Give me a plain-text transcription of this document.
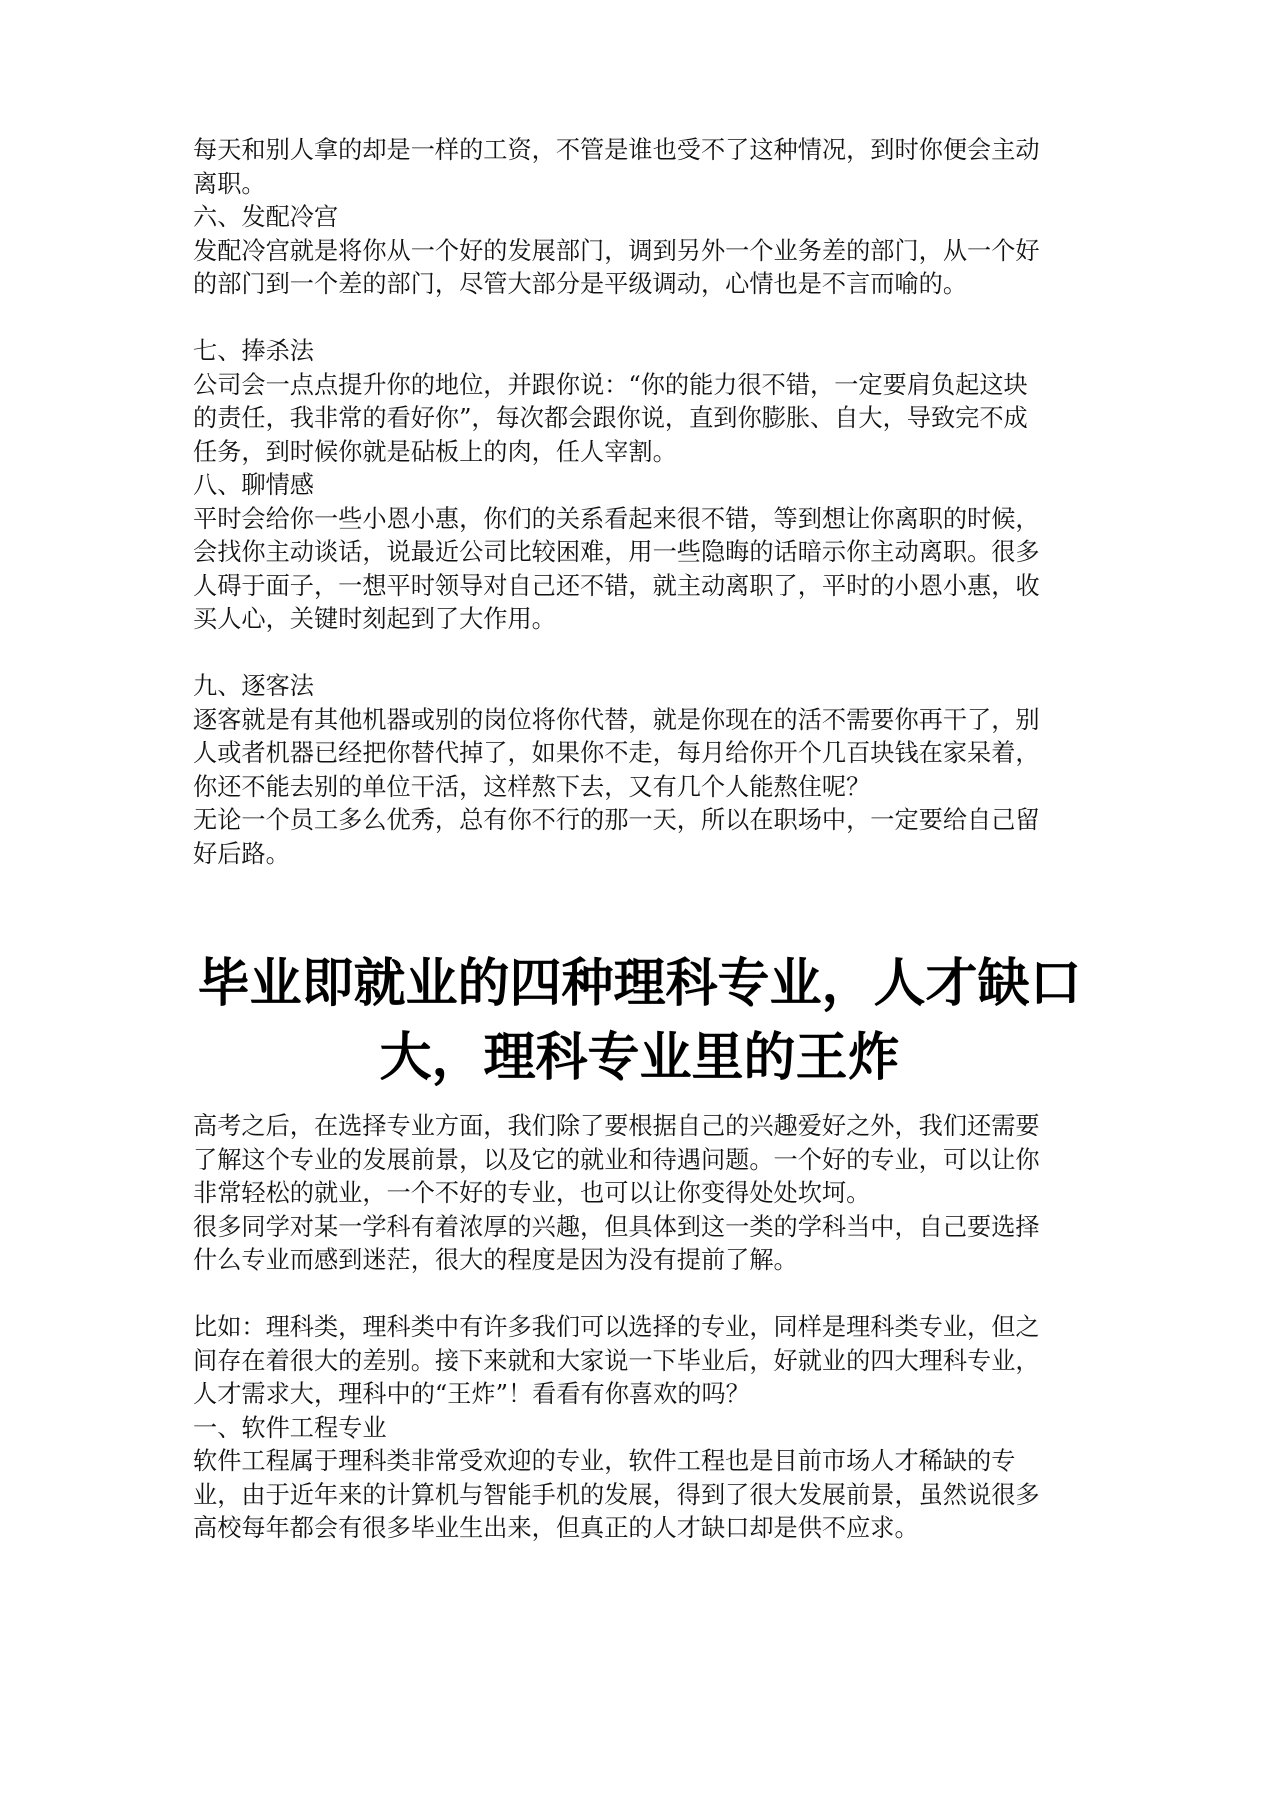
每天和别人拿的却是一样的工资，不管是谁也受不了这种情况，到时你便会主动
离职。
六、发配冷宫
发配冷宫就是将你从一个好的发展部门，调到另外一个业务差的部门，从一个好
的部门到一个差的部门，尽管大部分是平级调动，心情也是不言而喻的。
七、捧杀法
公司会一点点提升你的地位，并跟你说：“你的能力很不错，一定要肩负起这块
的责任，我非常的看好你”，每次都会跟你说，直到你膨胀、自大，导致完不成
任务，到时候你就是砧板上的肉，任人宰割。
八、聊情感
平时会给你一些小恩小惠，你们的关系看起来很不错，等到想让你离职的时候，
会找你主动谈话，说最近公司比较困难，用一些隐晦的话暗示你主动离职。很多
人碍于面子，一想平时领导对自己还不错，就主动离职了，平时的小恩小惠，收
买人心，关键时刻起到了大作用。
九、逐客法
逐客就是有其他机器或别的岗位将你代替，就是你现在的活不需要你再干了，别
人或者机器已经把你替代掉了，如果你不走，每月给你开个几百块钱在家呆着，
你还不能去别的单位干活，这样熬下去，又有几个人能熬住呢？
无论一个员工多么优秀，总有你不行的那一天，所以在职场中，一定要给自己留
好后路。
毕业即就业的四种理科专业，人才缺口
大，理科专业里的王炸
高考之后，在选择专业方面，我们除了要根据自己的兴趣爱好之外，我们还需要
了解这个专业的发展前景，以及它的就业和待遇问题。一个好的专业，可以让你
非常轻松的就业，一个不好的专业，也可以让你变得处处坎坷。
很多同学对某一学科有着浓厚的兴趣，但具体到这一类的学科当中，自己要选择
什么专业而感到迷茫，很大的程度是因为没有提前了解。
比如：理科类，理科类中有许多我们可以选择的专业，同样是理科类专业，但之
间存在着很大的差别。接下来就和大家说一下毕业后，好就业的四大理科专业，
人才需求大，理科中的“王炸”！看看有你喜欢的吗？
一、软件工程专业
软件工程属于理科类非常受欢迎的专业，软件工程也是目前市场人才稀缺的专
业，由于近年来的计算机与智能手机的发展，得到了很大发展前景，虽然说很多
高校每年都会有很多毕业生出来，但真正的人才缺口却是供不应求。
